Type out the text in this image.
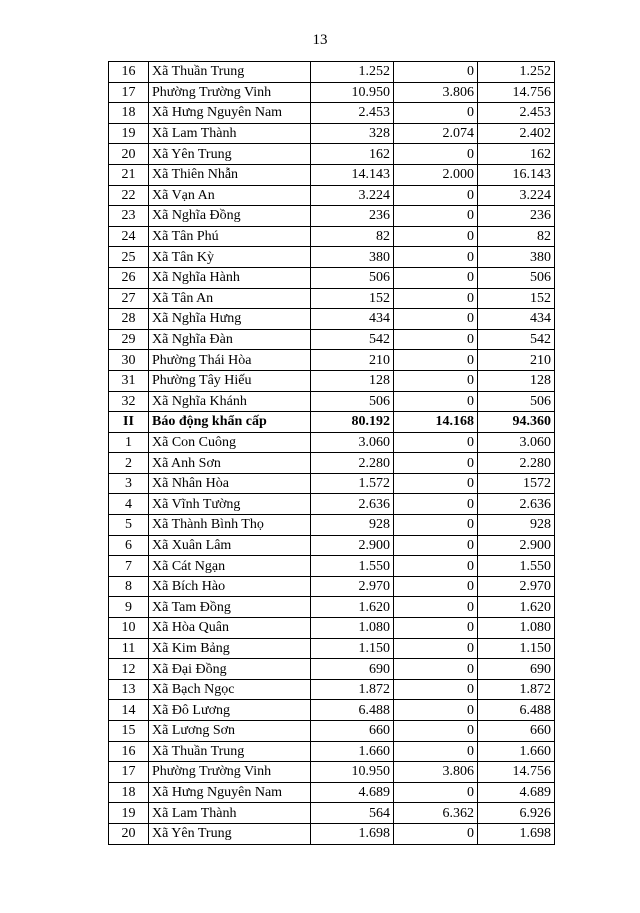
13
16	Xã Thuần Trung	1.252	0	1.252
17	Phường Trường Vinh	10.950	3.806	14.756
18	Xã Hưng Nguyên Nam	2.453	0	2.453
19	Xã Lam Thành	328	2.074	2.402
20	Xã Yên Trung	162	0	162
21	Xã Thiên Nhẫn	14.143	2.000	16.143
22	Xã Vạn An	3.224	0	3.224
23	Xã Nghĩa Đồng	236	0	236
24	Xã Tân Phú	82	0	82
25	Xã Tân Kỳ	380	0	380
26	Xã Nghĩa Hành	506	0	506
27	Xã Tân An	152	0	152
28	Xã Nghĩa Hưng	434	0	434
29	Xã Nghĩa Đàn	542	0	542
30	Phường Thái Hòa	210	0	210
31	Phường Tây Hiếu	128	0	128
32	Xã Nghĩa Khánh	506	0	506
II	Báo động khẩn cấp	80.192	14.168	94.360
1	Xã Con Cuông	3.060	0	3.060
2	Xã Anh Sơn	2.280	0	2.280
3	Xã Nhân Hòa	1.572	0	1572
4	Xã Vĩnh Tường	2.636	0	2.636
5	Xã Thành Bình Thọ	928	0	928
6	Xã Xuân Lâm	2.900	0	2.900
7	Xã Cát Ngạn	1.550	0	1.550
8	Xã Bích Hào	2.970	0	2.970
9	Xã Tam Đồng	1.620	0	1.620
10	Xã Hòa Quân	1.080	0	1.080
11	Xã Kim Bảng	1.150	0	1.150
12	Xã Đại Đồng	690	0	690
13	Xã Bạch Ngọc	1.872	0	1.872
14	Xã Đô Lương	6.488	0	6.488
15	Xã Lương Sơn	660	0	660
16	Xã Thuần Trung	1.660	0	1.660
17	Phường Trường Vinh	10.950	3.806	14.756
18	Xã Hưng Nguyên Nam	4.689	0	4.689
19	Xã Lam Thành	564	6.362	6.926
20	Xã Yên Trung	1.698	0	1.698
